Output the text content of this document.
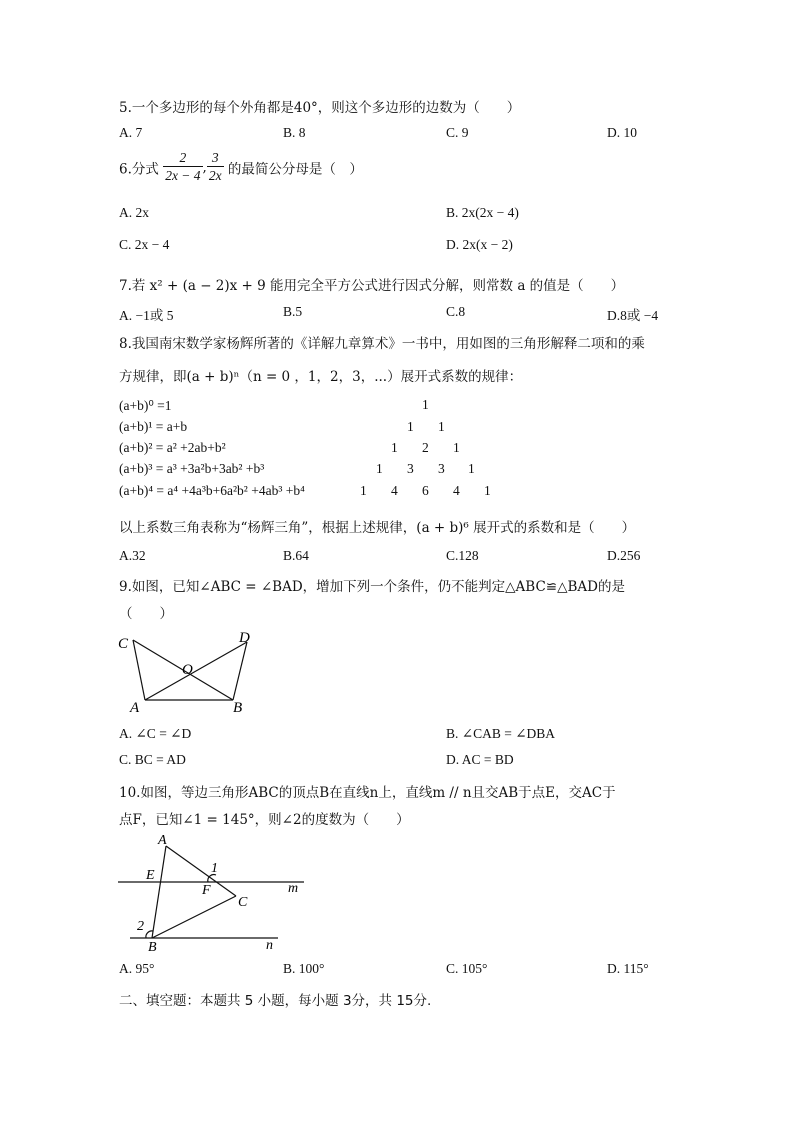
5.一个多边形的每个外角都是40°，则这个多边形的边数为（　　）
A. 7	B. 8	C. 9	D. 10
6.分式 $\frac{2}{2x - 4}$ , $\frac{3}{2x}$ 的最简公分母是（　）
A. 2x	B. 2x(2x − 4)
C. 2x − 4	D. 2x(x − 2)
7.若 x² + (a − 2)x + 9 能用完全平方公式进行因式分解，则常数 a 的值是（　　）
A. −1或 5	B.5	C.8	D.8或 −4
8.我国南宋数学家杨辉所著的《详解九章算术》一书中，用如图的三角形解释二项和的乘
方规律，即(a + b)ⁿ（n = 0 ，1，2，3，...）展开式系数的规律：
(a+b)⁰ =1
(a+b)¹ = a+b
(a+b)² = a² +2ab+b²
(a+b)³ = a³ +3a²b+3ab² +b³
(a+b)⁴ = a⁴ +4a³b+6a²b² +4ab³ +b⁴
1
1 1
1 2 1
1 3 3 1
1 4 6 4 1
以上系数三角表称为“杨辉三角”，根据上述规律，(a + b)⁶ 展开式的系数和是（　　）
A.32	B.64	C.128	D.256
9.如图，已知∠ABC = ∠BAD，增加下列一个条件，仍不能判定△ABC≌△BAD的是
（　　）
C	D
O
A	B
A. ∠C = ∠D	B. ∠CAB = ∠DBA
C. BC = AD	D. AC = BD
10.如图，等边三角形ABC的顶点B在直线n上，直线m // n且交AB于点E，交AC于
点F，已知∠1 = 145°，则∠2的度数为（　　）
A
E
F
1
m
C
2
B	n
A. 95°	B. 100°	C. 105°	D. 115°
二、填空题：本题共 5 小题，每小题 3分，共 15分.
